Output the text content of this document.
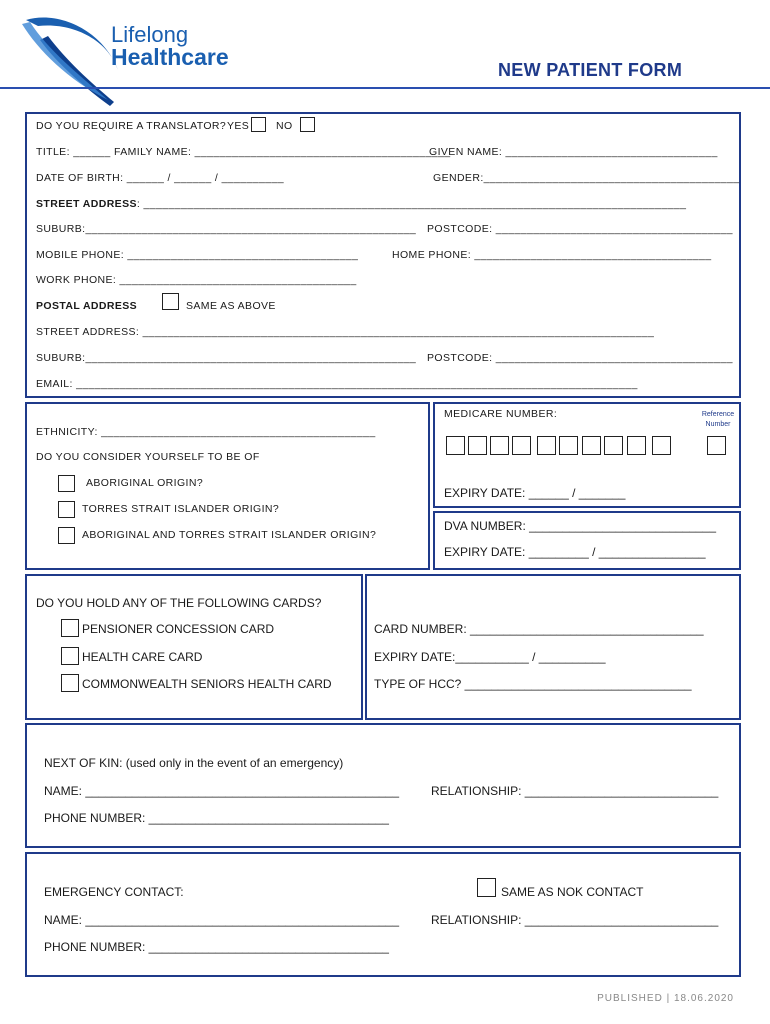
Lifelong
Healthcare	NEW PATIENT FORM
DO YOU REQUIRE A TRANSLATOR? YES	NO
TITLE: ______ FAMILY NAME: _________________________________________
GIVEN NAME: __________________________________
DATE OF BIRTH: ______ / ______ / __________	GENDER:_________________________________________
STREET ADDRESS: _______________________________________________________________________________________
SUBURB:_____________________________________________________ POSTCODE: ______________________________________
MOBILE PHONE: _____________________________________	HOME PHONE: ______________________________________
WORK PHONE: ______________________________________
POSTAL ADDRESS	SAME AS ABOVE
STREET ADDRESS: __________________________________________________________________________________
SUBURB:_____________________________________________________ POSTCODE: ______________________________________
EMAIL: __________________________________________________________________________________________
ETHNICITY: ____________________________________________
DO YOU CONSIDER YOURSELF TO BE OF
ABORIGINAL ORIGIN?
TORRES STRAIT ISLANDER ORIGIN?
ABORIGINAL AND TORRES STRAIT ISLANDER ORIGIN?
MEDICARE NUMBER:	Reference
Number
EXPIRY DATE: ______ / _______
DVA NUMBER: ____________________________
EXPIRY DATE: _________ / ________________
DO YOU HOLD ANY OF THE FOLLOWING CARDS?
PENSIONER CONCESSION CARD
HEALTH CARE CARD
COMMONWEALTH SENIORS HEALTH CARD
CARD NUMBER: ___________________________________
EXPIRY DATE:___________ / __________
TYPE OF HCC? __________________________________
NEXT OF KIN: (used only in the event of an emergency)
NAME: _______________________________________________	RELATIONSHIP: _____________________________
PHONE NUMBER: ____________________________________
EMERGENCY CONTACT:	SAME AS NOK CONTACT
NAME: _______________________________________________	RELATIONSHIP: _____________________________
PHONE NUMBER: ____________________________________
PUBLISHED | 18.06.2020
